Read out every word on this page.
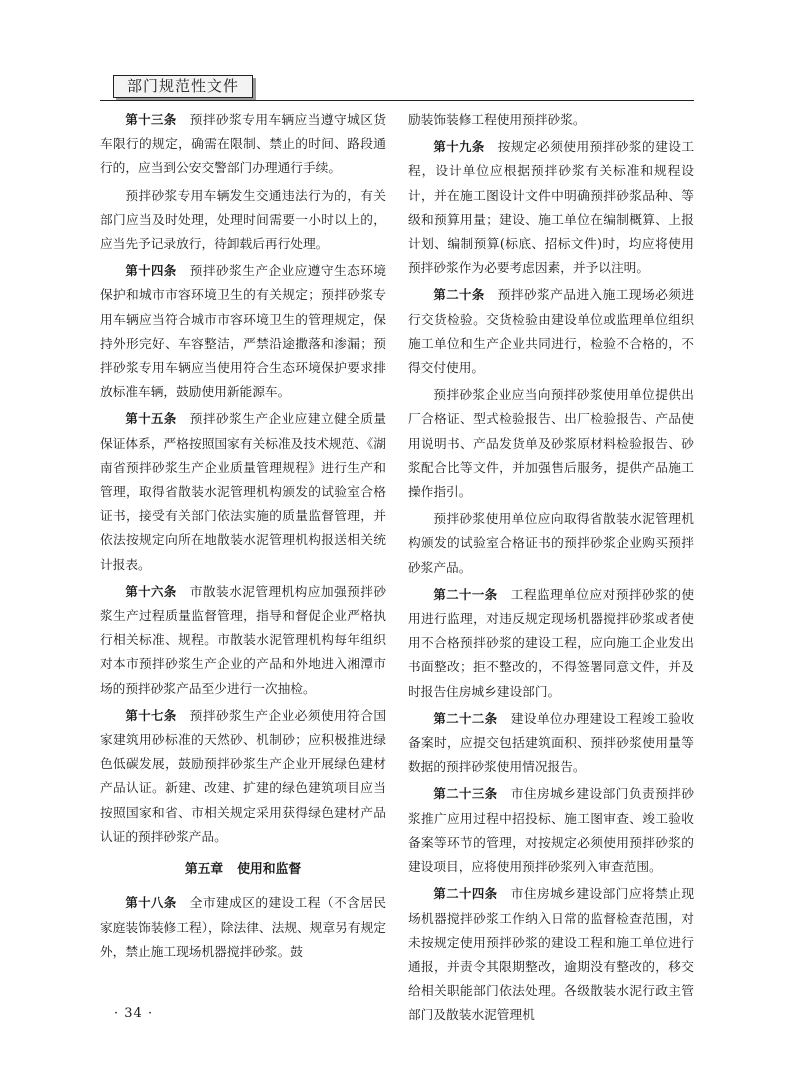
部门规范性文件

第十三条　 预拌砂浆专用车辆应当遵守城区货车限行的规定，确需在限制、禁止的时间、路段通行的，应当到公安交警部门办理通行手续。

预拌砂浆专用车辆发生交通违法行为的，有关部门应当及时处理，处理时间需要一小时以上的，应当先予记录放行，待卸载后再行处理。

第十四条　 预拌砂浆生产企业应遵守生态环境保护和城市市容环境卫生的有关规定；预拌砂浆专用车辆应当符合城市市容环境卫生的管理规定，保持外形完好、车容整洁，严禁沿途撒落和渗漏；预拌砂浆专用车辆应当使用符合生态环境保护要求排放标准车辆，鼓励使用新能源车。

第十五条　 预拌砂浆生产企业应建立健全质量保证体系，严格按照国家有关标准及技术规范、《湖南省预拌砂浆生产企业质量管理规程》进行生产和管理，取得省散装水泥管理机构颁发的试验室合格证书，接受有关部门依法实施的质量监督管理，并依法按规定向所在地散装水泥管理机构报送相关统计报表。

第十六条　 市散装水泥管理机构应加强预拌砂浆生产过程质量监督管理，指导和督促企业严格执行相关标准、规程。市散装水泥管理机构每年组织对本市预拌砂浆生产企业的产品和外地进入湘潭市场的预拌砂浆产品至少进行一次抽检。

第十七条　 预拌砂浆生产企业必须使用符合国家建筑用砂标准的天然砂、机制砂；应积极推进绿色低碳发展，鼓励预拌砂浆生产企业开展绿色建材产品认证。新建、改建、扩建的绿色建筑项目应当按照国家和省、市相关规定采用获得绿色建材产品认证的预拌砂浆产品。

第五章 使用和监督

第十八条　 全市建成区的建设工程（不含居民家庭装饰装修工程），除法律、法规、规章另有规定外，禁止施工现场机器搅拌砂浆。鼓

励装饰装修工程使用预拌砂浆。

第十九条　 按规定必须使用预拌砂浆的建设工程，设计单位应根据预拌砂浆有关标准和规程设计，并在施工图设计文件中明确预拌砂浆品种、等级和预算用量；建设、施工单位在编制概算、上报计划、编制预算(标底、招标文件)时，均应将使用预拌砂浆作为必要考虑因素，并予以注明。

第二十条　 预拌砂浆产品进入施工现场必须进行交货检验。交货检验由建设单位或监理单位组织施工单位和生产企业共同进行，检验不合格的，不得交付使用。

预拌砂浆企业应当向预拌砂浆使用单位提供出厂合格证、型式检验报告、出厂检验报告、产品使用说明书、产品发货单及砂浆原材料检验报告、砂浆配合比等文件，并加强售后服务，提供产品施工操作指引。

预拌砂浆使用单位应向取得省散装水泥管理机构颁发的试验室合格证书的预拌砂浆企业购买预拌砂浆产品。

第二十一条　 工程监理单位应对预拌砂浆的使用进行监理，对违反规定现场机器搅拌砂浆或者使用不合格预拌砂浆的建设工程，应向施工企业发出书面整改；拒不整改的，不得签署同意文件，并及时报告住房城乡建设部门。

第二十二条　 建设单位办理建设工程竣工验收备案时，应提交包括建筑面积、预拌砂浆使用量等数据的预拌砂浆使用情况报告。

第二十三条　 市住房城乡建设部门负责预拌砂浆推广应用过程中招投标、施工图审查、竣工验收备案等环节的管理，对按规定必须使用预拌砂浆的建设项目，应将使用预拌砂浆列入审查范围。

第二十四条　 市住房城乡建设部门应将禁止现场机器搅拌砂浆工作纳入日常的监督检查范围，对未按规定使用预拌砂浆的建设工程和施工单位进行通报，并责令其限期整改，逾期没有整改的，移交给相关职能部门依法处理。各级散装水泥行政主管部门及散装水泥管理机

· 34 ·
